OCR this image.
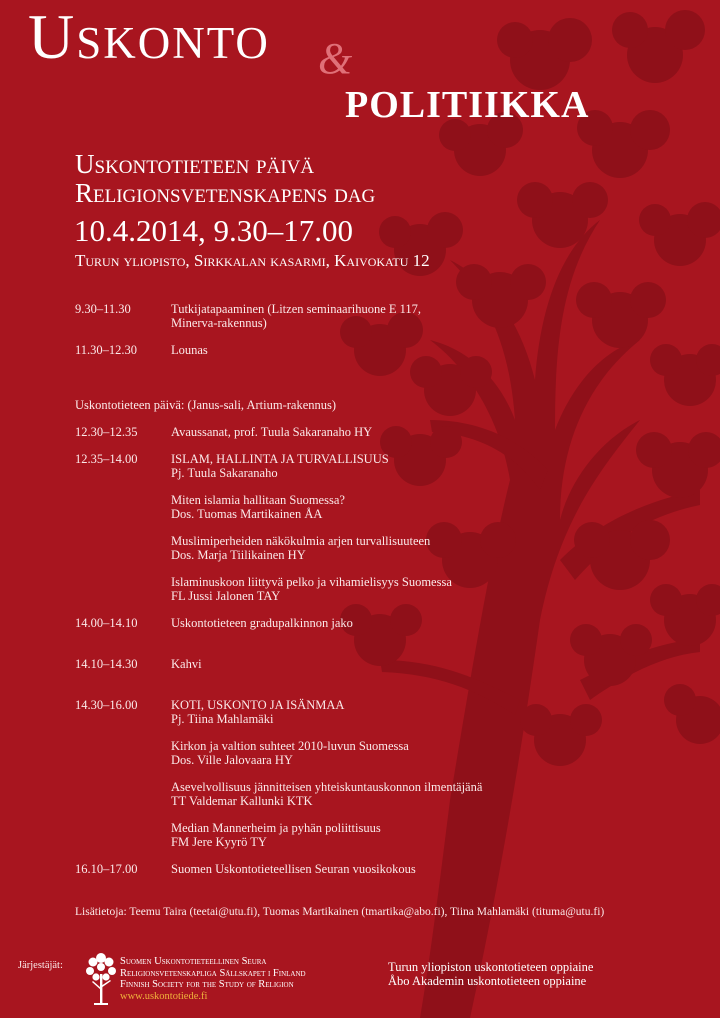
Uskonto &
politiikka
Uskontotieteen päivä
Religionsvetenskapens dag
10.4.2014, 9.30–17.00
Turun yliopisto, Sirkkalan kasarmi, Kaivokatu 12
9.30–11.30	Tutkijatapaaminen (Litzen seminaarihuone E 117,
Minerva-rakennus)
11.30–12.30	Lounas
Uskontotieteen päivä: (Janus-sali, Artium-rakennus)
12.30–12.35	Avaussanat, prof. Tuula Sakaranaho HY
12.35–14.00	ISLAM, HALLINTA JA TURVALLISUUS
Pj. Tuula Sakaranaho
Miten islamia hallitaan Suomessa?
Dos. Tuomas Martikainen ÅA
Muslimiperheiden näkökulmia arjen turvallisuuteen
Dos. Marja Tiilikainen HY
Islaminuskoon liittyvä pelko ja vihamielisyys Suomessa
FL Jussi Jalonen TAY
14.00–14.10	Uskontotieteen gradupalkinnon jako
14.10–14.30	Kahvi
14.30–16.00	KOTI, USKONTO JA ISÄNMAA
Pj. Tiina Mahlamäki
Kirkon ja valtion suhteet 2010-luvun Suomessa
Dos. Ville Jalovaara HY
Asevelvollisuus jännitteisen yhteiskuntauskonnon ilmentäjänä
TT Valdemar Kallunki KTK
Median Mannerheim ja pyhän poliittisuus
FM Jere Kyyrö TY
16.10–17.00	Suomen Uskontotieteellisen Seuran vuosikokous
Lisätietoja: Teemu Taira (teetai@utu.fi), Tuomas Martikainen (tmartika@abo.fi), Tiina Mahlamäki (tituma@utu.fi)
Järjestäjät:	Suomen Uskontotieteellinen Seura
Religionsvetenskapliga Sällskapet i Finland
Finnish Society for the Study of Religion
www.uskontotiede.fi
Turun yliopiston uskontotieteen oppiaine
Åbo Akademin uskontotieteen oppiaine
